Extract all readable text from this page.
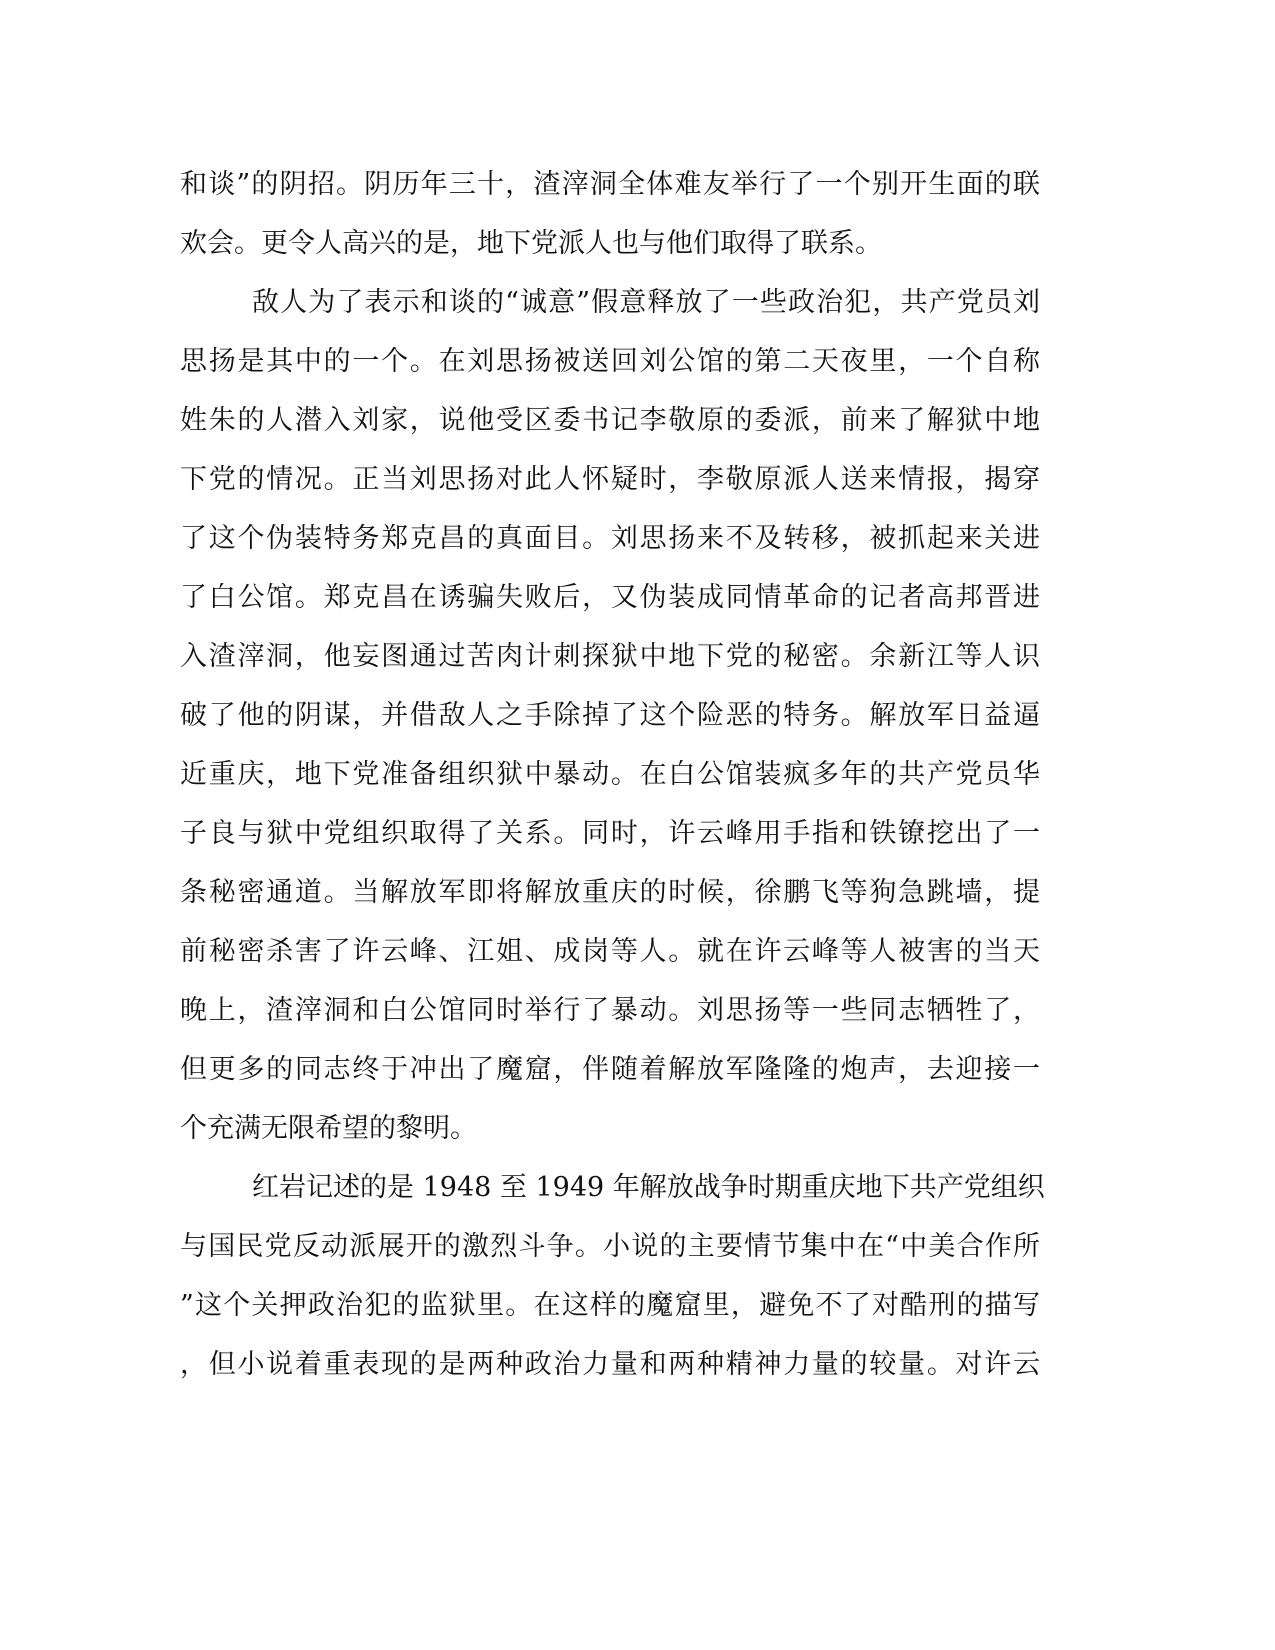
和谈”的阴招。阴历年三十，渣滓洞全体难友举行了一个别开生面的联
欢会。更令人高兴的是，地下党派人也与他们取得了联系。
敌人为了表示和谈的“诚意”假意释放了一些政治犯，共产党员刘
思扬是其中的一个。在刘思扬被送回刘公馆的第二天夜里，一个自称
姓朱的人潜入刘家，说他受区委书记李敬原的委派，前来了解狱中地
下党的情况。正当刘思扬对此人怀疑时，李敬原派人送来情报，揭穿
了这个伪装特务郑克昌的真面目。刘思扬来不及转移，被抓起来关进
了白公馆。郑克昌在诱骗失败后，又伪装成同情革命的记者高邦晋进
入渣滓洞，他妄图通过苦肉计刺探狱中地下党的秘密。余新江等人识
破了他的阴谋，并借敌人之手除掉了这个险恶的特务。解放军日益逼
近重庆，地下党准备组织狱中暴动。在白公馆装疯多年的共产党员华
子良与狱中党组织取得了关系。同时，许云峰用手指和铁镣挖出了一
条秘密通道。当解放军即将解放重庆的时候，徐鹏飞等狗急跳墙，提
前秘密杀害了许云峰、江姐、成岗等人。就在许云峰等人被害的当天
晚上，渣滓洞和白公馆同时举行了暴动。刘思扬等一些同志牺牲了，
但更多的同志终于冲出了魔窟，伴随着解放军隆隆的炮声，去迎接一
个充满无限希望的黎明。
红岩记述的是 1948 至 1949 年解放战争时期重庆地下共产党组织
与国民党反动派展开的激烈斗争。小说的主要情节集中在“中美合作所
”这个关押政治犯的监狱里。在这样的魔窟里，避免不了对酷刑的描写
，但小说着重表现的是两种政治力量和两种精神力量的较量。对许云
